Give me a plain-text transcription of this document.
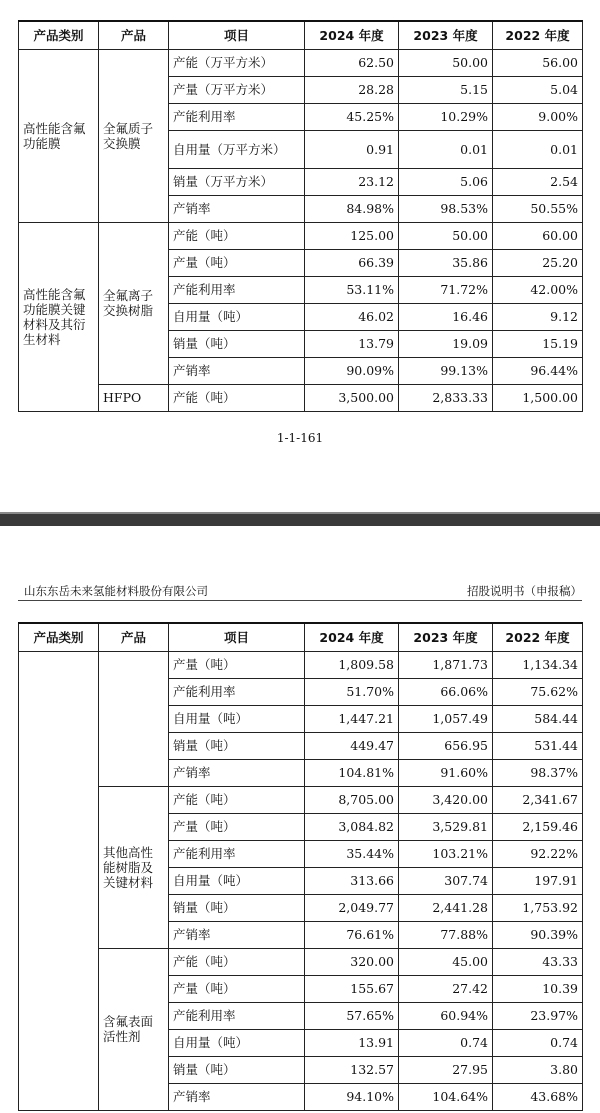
产品类别	产品	项目	2024 年度	2023 年度	2022 年度
高性能含氟功能膜	全氟质子交换膜	产能（万平方米）	62.50	50.00	56.00
		产量（万平方米）	28.28	5.15	5.04
		产能利用率	45.25%	10.29%	9.00%
		自用量（万平方米）	0.91	0.01	0.01
		销量（万平方米）	23.12	5.06	2.54
		产销率	84.98%	98.53%	50.55%
高性能含氟功能膜关键材料及其衍生材料	全氟离子交换树脂	产能（吨）	125.00	50.00	60.00
		产量（吨）	66.39	35.86	25.20
		产能利用率	53.11%	71.72%	42.00%
		自用量（吨）	46.02	16.46	9.12
		销量（吨）	13.79	19.09	15.19
		产销率	90.09%	99.13%	96.44%
	HFPO	产能（吨）	3,500.00	2,833.33	1,500.00
1-1-161
山东东岳未来氢能材料股份有限公司	招股说明书（申报稿）
产品类别	产品	项目	2024 年度	2023 年度	2022 年度
		产量（吨）	1,809.58	1,871.73	1,134.34
		产能利用率	51.70%	66.06%	75.62%
		自用量（吨）	1,447.21	1,057.49	584.44
		销量（吨）	449.47	656.95	531.44
		产销率	104.81%	91.60%	98.37%
	其他高性能树脂及关键材料	产能（吨）	8,705.00	3,420.00	2,341.67
		产量（吨）	3,084.82	3,529.81	2,159.46
		产能利用率	35.44%	103.21%	92.22%
		自用量（吨）	313.66	307.74	197.91
		销量（吨）	2,049.77	2,441.28	1,753.92
		产销率	76.61%	77.88%	90.39%
	含氟表面活性剂	产能（吨）	320.00	45.00	43.33
		产量（吨）	155.67	27.42	10.39
		产能利用率	57.65%	60.94%	23.97%
		自用量（吨）	13.91	0.74	0.74
		销量（吨）	132.57	27.95	3.80
		产销率	94.10%	104.64%	43.68%
